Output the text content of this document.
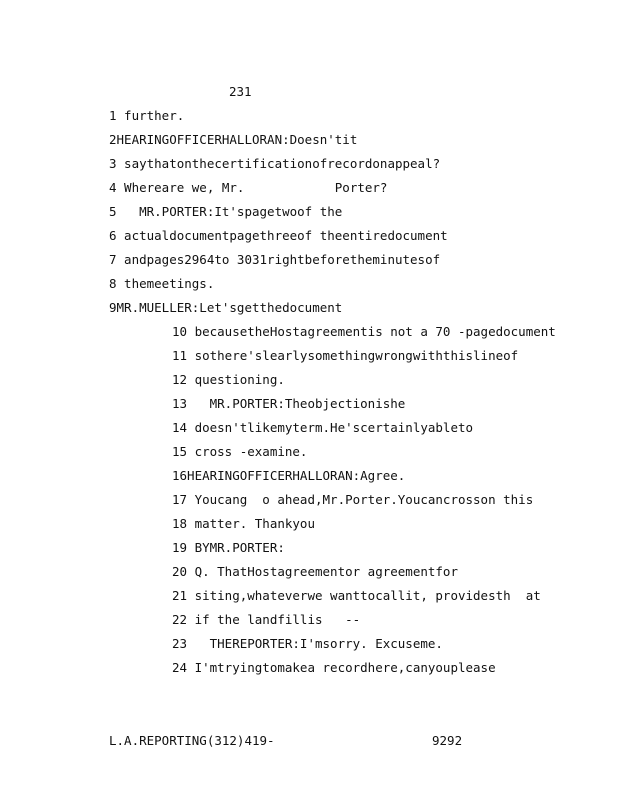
231
1 further.
2HEARINGOFFICERHALLORAN:Doesn'tit
3 saythatonthecertificationofrecordonappeal?
4 Whereare we, Mr.            Porter?
5   MR.PORTER:It'spagetwoof the
6 actualdocumentpagethreeof theentiredocument
7 andpages2964to 3031rightbeforetheminutesof
8 themeetings.
9MR.MUELLER:Let'sgetthedocument
10 becausetheHostagreementis not a 70 -pagedocument
11 sothere'slearlysomethingwrongwiththislineof
12 questioning.
13   MR.PORTER:Theobjectionishe
14 doesn'tlikemyterm.He'scertainlyableto
15 cross -examine.
16HEARINGOFFICERHALLORAN:Agree.
17 Youcang  o ahead,Mr.Porter.Youcancrosson this
18 matter. Thankyou
19 BYMR.PORTER:
20 Q. ThatHostagreementor agreementfor
21 siting,whateverwe wanttocallit, providesth  at
22 if the landfillis   --
23   THEREPORTER:I'msorry. Excuseme.
24 I'mtryingtomakea recordhere,canyouplease
L.A.REPORTING(312)419-	9292
